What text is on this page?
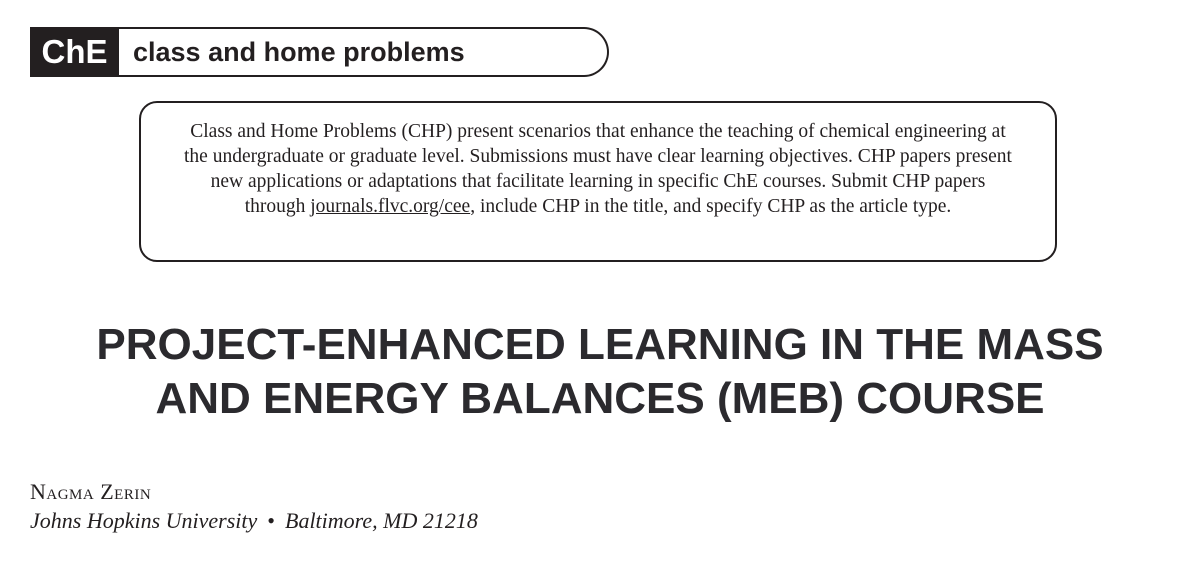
ChE class and home problems
Class and Home Problems (CHP) present scenarios that enhance the teaching of chemical engineering at the undergraduate or graduate level. Submissions must have clear learning objectives. CHP papers present new applications or adaptations that facilitate learning in specific ChE courses. Submit CHP papers through journals.flvc.org/cee, include CHP in the title, and specify CHP as the article type.
PROJECT-ENHANCED LEARNING IN THE MASS
AND ENERGY BALANCES (MEB) COURSE
Nagma Zerin
Johns Hopkins University • Baltimore, MD 21218
